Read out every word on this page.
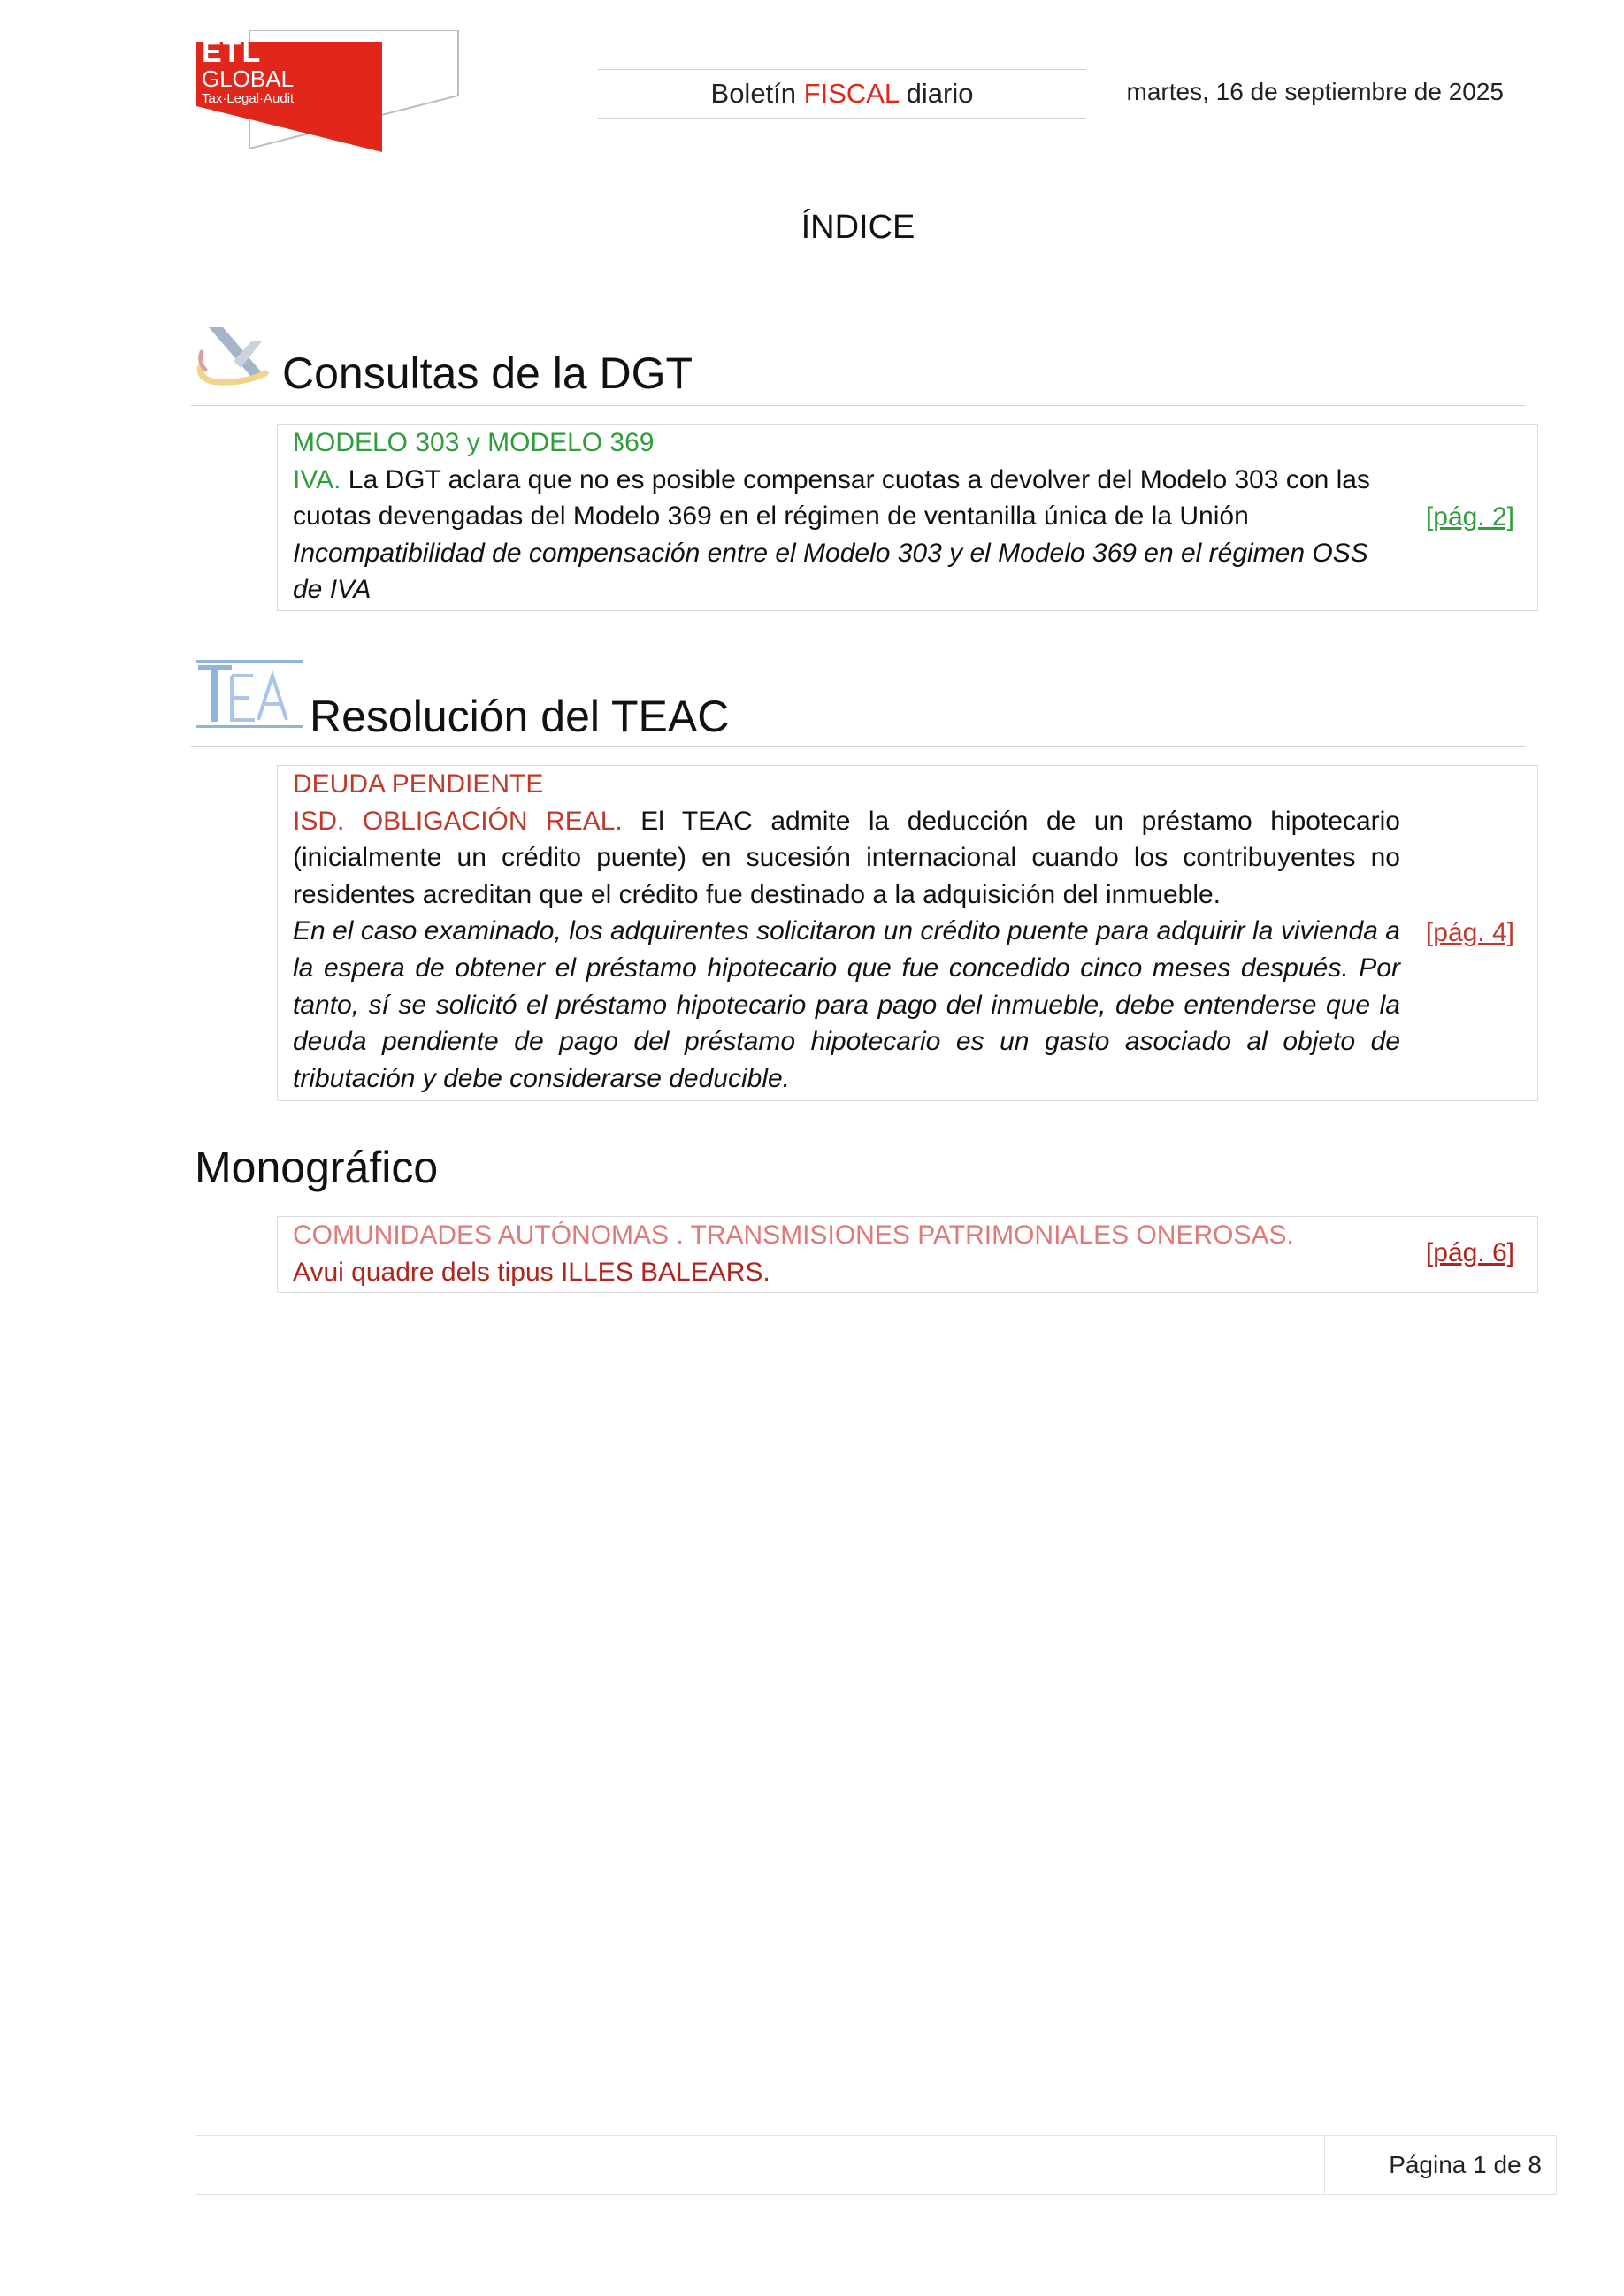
ETL
GLOBAL
Tax·Legal·Audit	Boletín FISCAL diario	martes, 16 de septiembre de 2025
ÍNDICE
Consultas de la DGT

MODELO 303 y MODELO 369

IVA. La DGT aclara que no es posible compensar cuotas a devolver del Modelo 303 con las cuotas devengadas del Modelo 369 en el régimen de ventanilla única de la Unión

Incompatibilidad de compensación entre el Modelo 303 y el Modelo 369 en el régimen OSS de IVA

[pág. 2]
Resolución del TEAC

DEUDA PENDIENTE

ISD. OBLIGACIÓN REAL. El TEAC admite la deducción de un préstamo hipotecario (inicialmente un crédito puente) en sucesión internacional cuando los contribuyentes no residentes acreditan que el crédito fue destinado a la adquisición del inmueble.

En el caso examinado, los adquirentes solicitaron un crédito puente para adquirir la vivienda a la espera de obtener el préstamo hipotecario que fue concedido cinco meses después. Por tanto, sí se solicitó el préstamo hipotecario para pago del inmueble, debe entenderse que la deuda pendiente de pago del préstamo hipotecario es un gasto asociado al objeto de tributación y debe considerarse deducible.

[pág. 4]
Monográfico

COMUNIDADES AUTÓNOMAS . TRANSMISIONES PATRIMONIALES ONEROSAS.

Avui quadre dels tipus ILLES BALEARS.

[pág. 6]
Página 1 de 8
